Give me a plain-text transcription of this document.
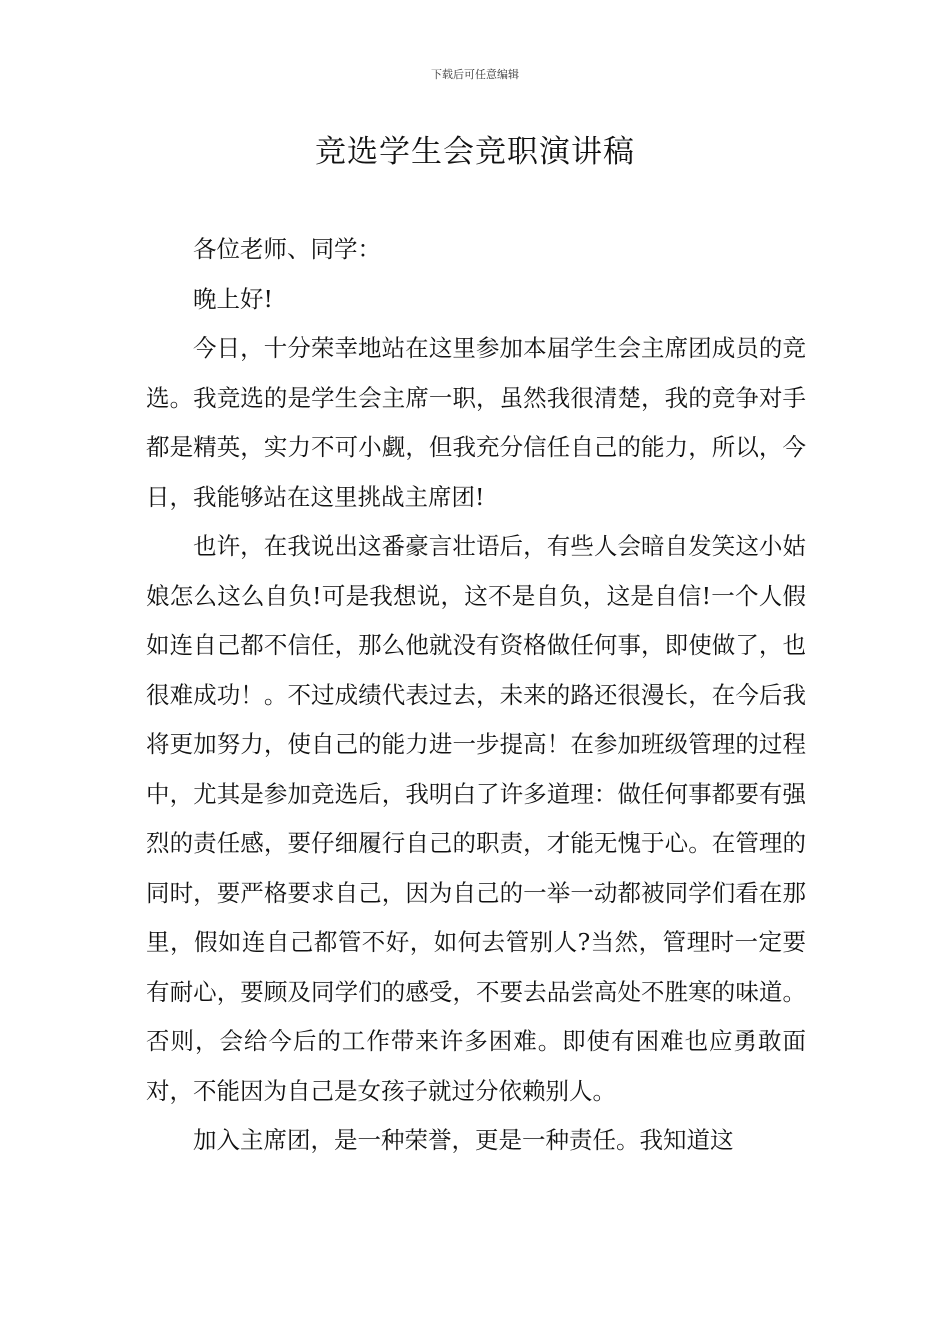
下载后可任意编辑
竞选学生会竞职演讲稿

各位老师、同学：

晚上好!

今日，十分荣幸地站在这里参加本届学生会主席团成员的竞选。我竞选的是学生会主席一职，虽然我很清楚，我的竞争对手都是精英，实力不可小觑，但我充分信任自己的能力，所以，今日，我能够站在这里挑战主席团!

也许，在我说出这番豪言壮语后，有些人会暗自发笑这小姑娘怎么这么自负!可是我想说，这不是自负，这是自信!一个人假如连自己都不信任，那么他就没有资格做任何事，即使做了，也很难成功！。不过成绩代表过去，未来的路还很漫长，在今后我将更加努力，使自己的能力进一步提高！在参加班级管理的过程中，尤其是参加竞选后，我明白了许多道理：做任何事都要有强烈的责任感，要仔细履行自己的职责，才能无愧于心。在管理的同时，要严格要求自己，因为自己的一举一动都被同学们看在那里，假如连自己都管不好，如何去管别人?当然，管理时一定要有耐心，要顾及同学们的感受，不要去品尝高处不胜寒的味道。否则，会给今后的工作带来许多困难。即使有困难也应勇敢面对，不能因为自己是女孩子就过分依赖别人。

加入主席团，是一种荣誉，更是一种责任。我知道这
